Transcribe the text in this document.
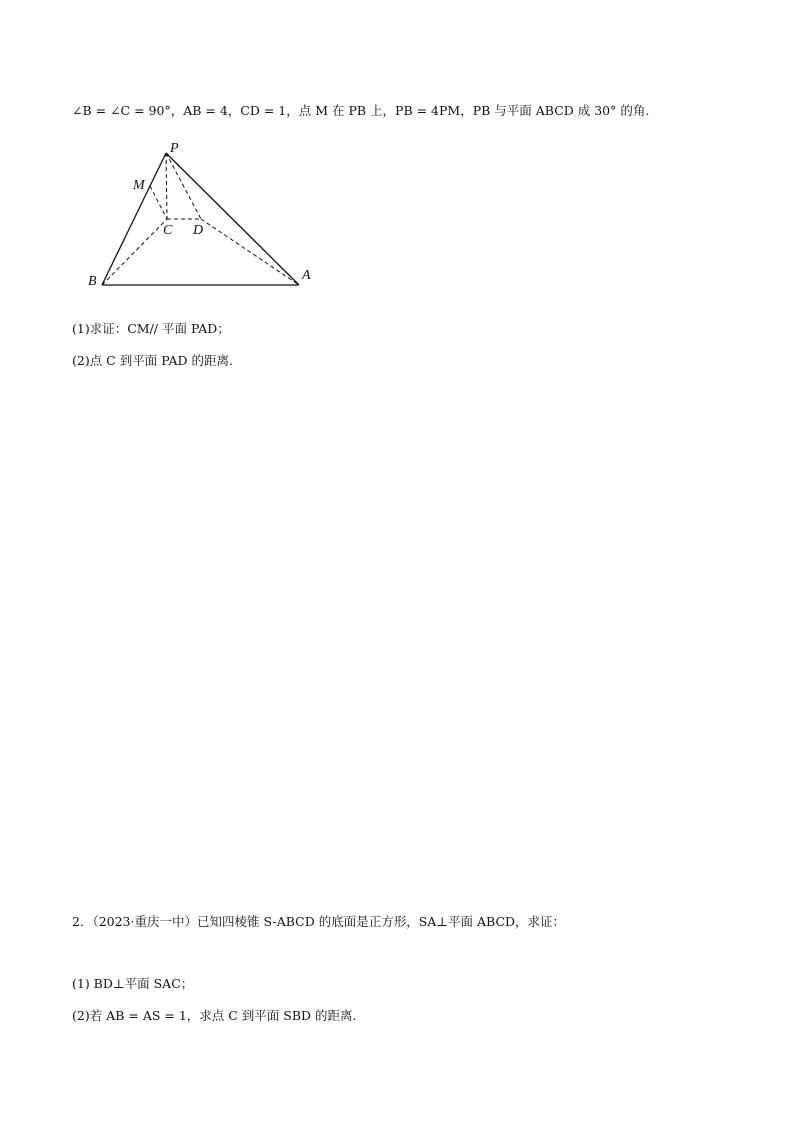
∠B = ∠C = 90°，AB = 4，CD = 1，点 M 在 PB 上，PB = 4PM，PB 与平面 ABCD 成 30° 的角.
P
M
C D
B	A
(1)求证：CM// 平面 PAD；
(2)点 C 到平面 PAD 的距离.
2．（2023·重庆一中）已知四棱锥 S-ABCD 的底面是正方形，SA⊥平面 ABCD，求证：
(1) BD⊥平面 SAC；
(2)若 AB = AS = 1，求点 C 到平面 SBD 的距离.
